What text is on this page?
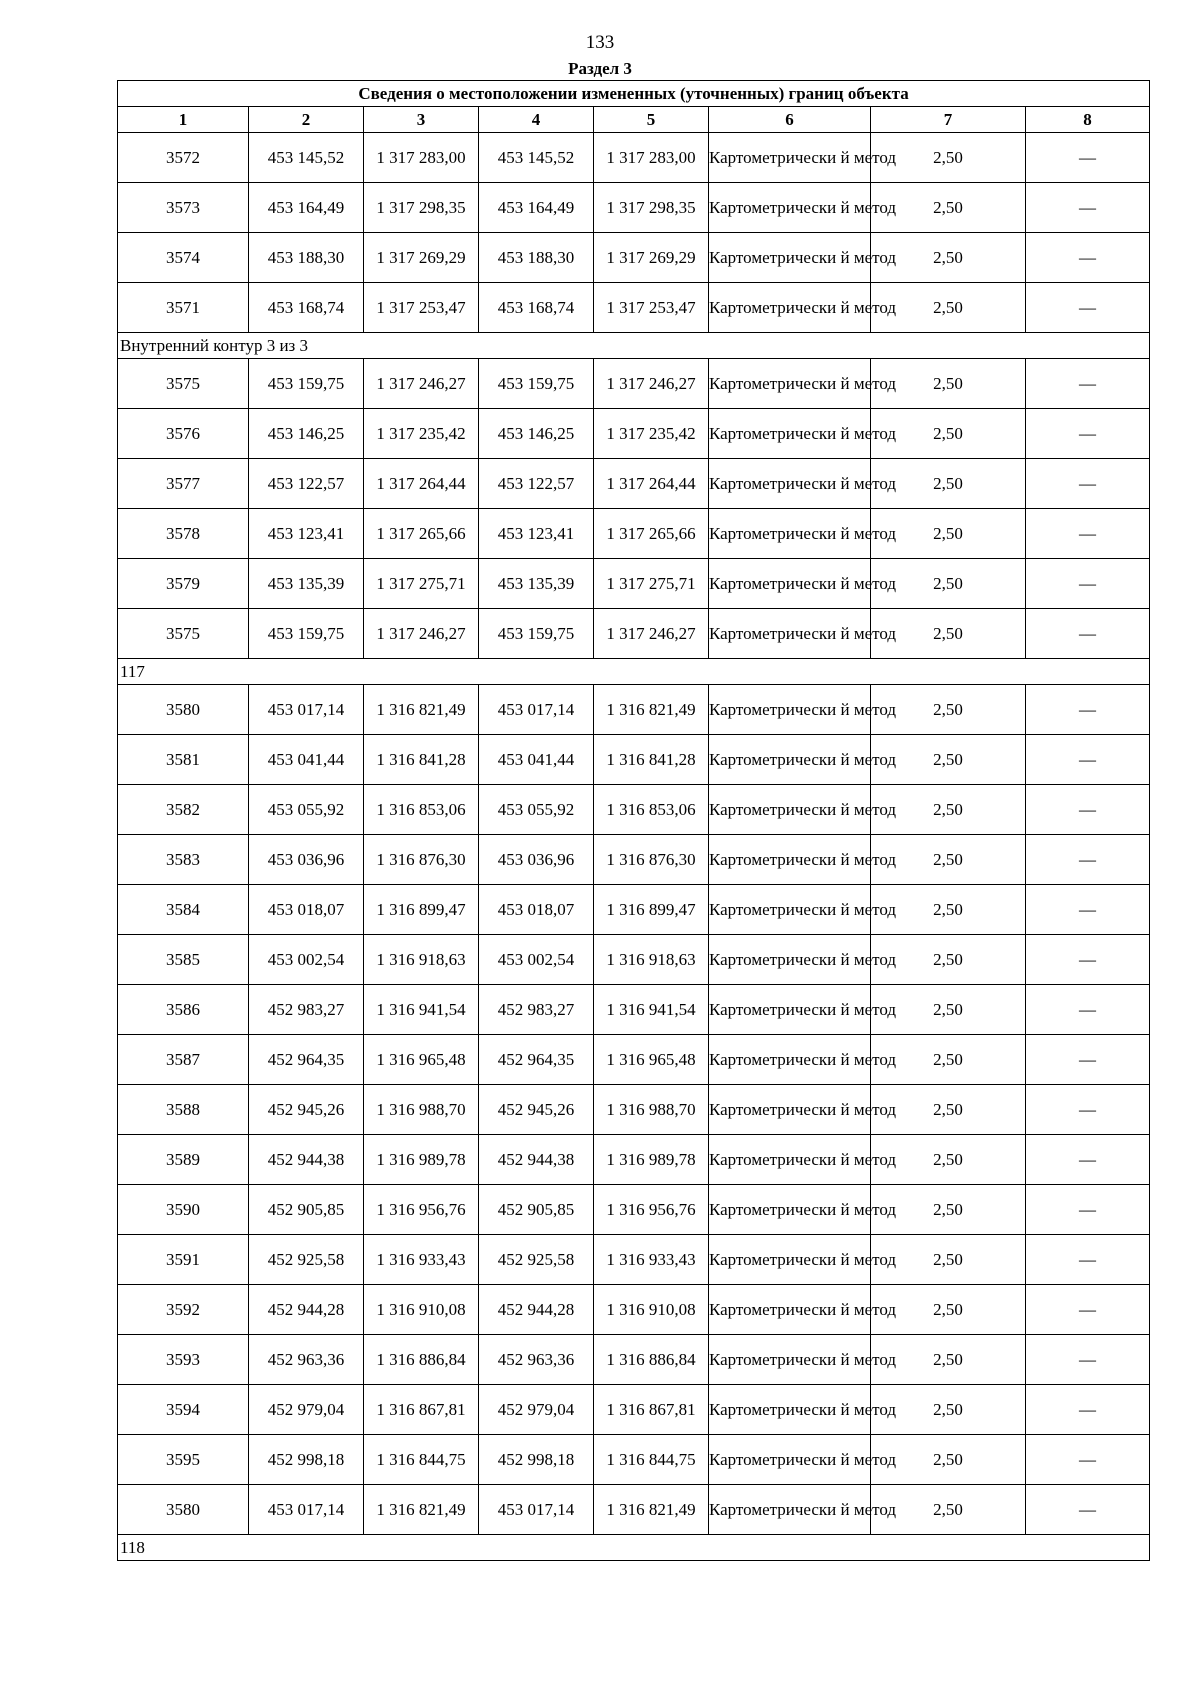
133
Раздел 3
Сведения о местоположении измененных (уточненных) границ объекта							
1	2	3	4	5	6	7	8
3572	453 145,52	1 317 283,00	453 145,52	1 317 283,00	Картометрически й метод	2,50	—
3573	453 164,49	1 317 298,35	453 164,49	1 317 298,35	Картометрически й метод	2,50	—
3574	453 188,30	1 317 269,29	453 188,30	1 317 269,29	Картометрически й метод	2,50	—
3571	453 168,74	1 317 253,47	453 168,74	1 317 253,47	Картометрически й метод	2,50	—
Внутренний контур 3 из 3							
3575	453 159,75	1 317 246,27	453 159,75	1 317 246,27	Картометрически й метод	2,50	—
3576	453 146,25	1 317 235,42	453 146,25	1 317 235,42	Картометрически й метод	2,50	—
3577	453 122,57	1 317 264,44	453 122,57	1 317 264,44	Картометрически й метод	2,50	—
3578	453 123,41	1 317 265,66	453 123,41	1 317 265,66	Картометрически й метод	2,50	—
3579	453 135,39	1 317 275,71	453 135,39	1 317 275,71	Картометрически й метод	2,50	—
3575	453 159,75	1 317 246,27	453 159,75	1 317 246,27	Картометрически й метод	2,50	—
117							
3580	453 017,14	1 316 821,49	453 017,14	1 316 821,49	Картометрически й метод	2,50	—
3581	453 041,44	1 316 841,28	453 041,44	1 316 841,28	Картометрически й метод	2,50	—
3582	453 055,92	1 316 853,06	453 055,92	1 316 853,06	Картометрически й метод	2,50	—
3583	453 036,96	1 316 876,30	453 036,96	1 316 876,30	Картометрически й метод	2,50	—
3584	453 018,07	1 316 899,47	453 018,07	1 316 899,47	Картометрически й метод	2,50	—
3585	453 002,54	1 316 918,63	453 002,54	1 316 918,63	Картометрически й метод	2,50	—
3586	452 983,27	1 316 941,54	452 983,27	1 316 941,54	Картометрически й метод	2,50	—
3587	452 964,35	1 316 965,48	452 964,35	1 316 965,48	Картометрически й метод	2,50	—
3588	452 945,26	1 316 988,70	452 945,26	1 316 988,70	Картометрически й метод	2,50	—
3589	452 944,38	1 316 989,78	452 944,38	1 316 989,78	Картометрически й метод	2,50	—
3590	452 905,85	1 316 956,76	452 905,85	1 316 956,76	Картометрически й метод	2,50	—
3591	452 925,58	1 316 933,43	452 925,58	1 316 933,43	Картометрически й метод	2,50	—
3592	452 944,28	1 316 910,08	452 944,28	1 316 910,08	Картометрически й метод	2,50	—
3593	452 963,36	1 316 886,84	452 963,36	1 316 886,84	Картометрически й метод	2,50	—
3594	452 979,04	1 316 867,81	452 979,04	1 316 867,81	Картометрически й метод	2,50	—
3595	452 998,18	1 316 844,75	452 998,18	1 316 844,75	Картометрически й метод	2,50	—
3580	453 017,14	1 316 821,49	453 017,14	1 316 821,49	Картометрически й метод	2,50	—
118							
